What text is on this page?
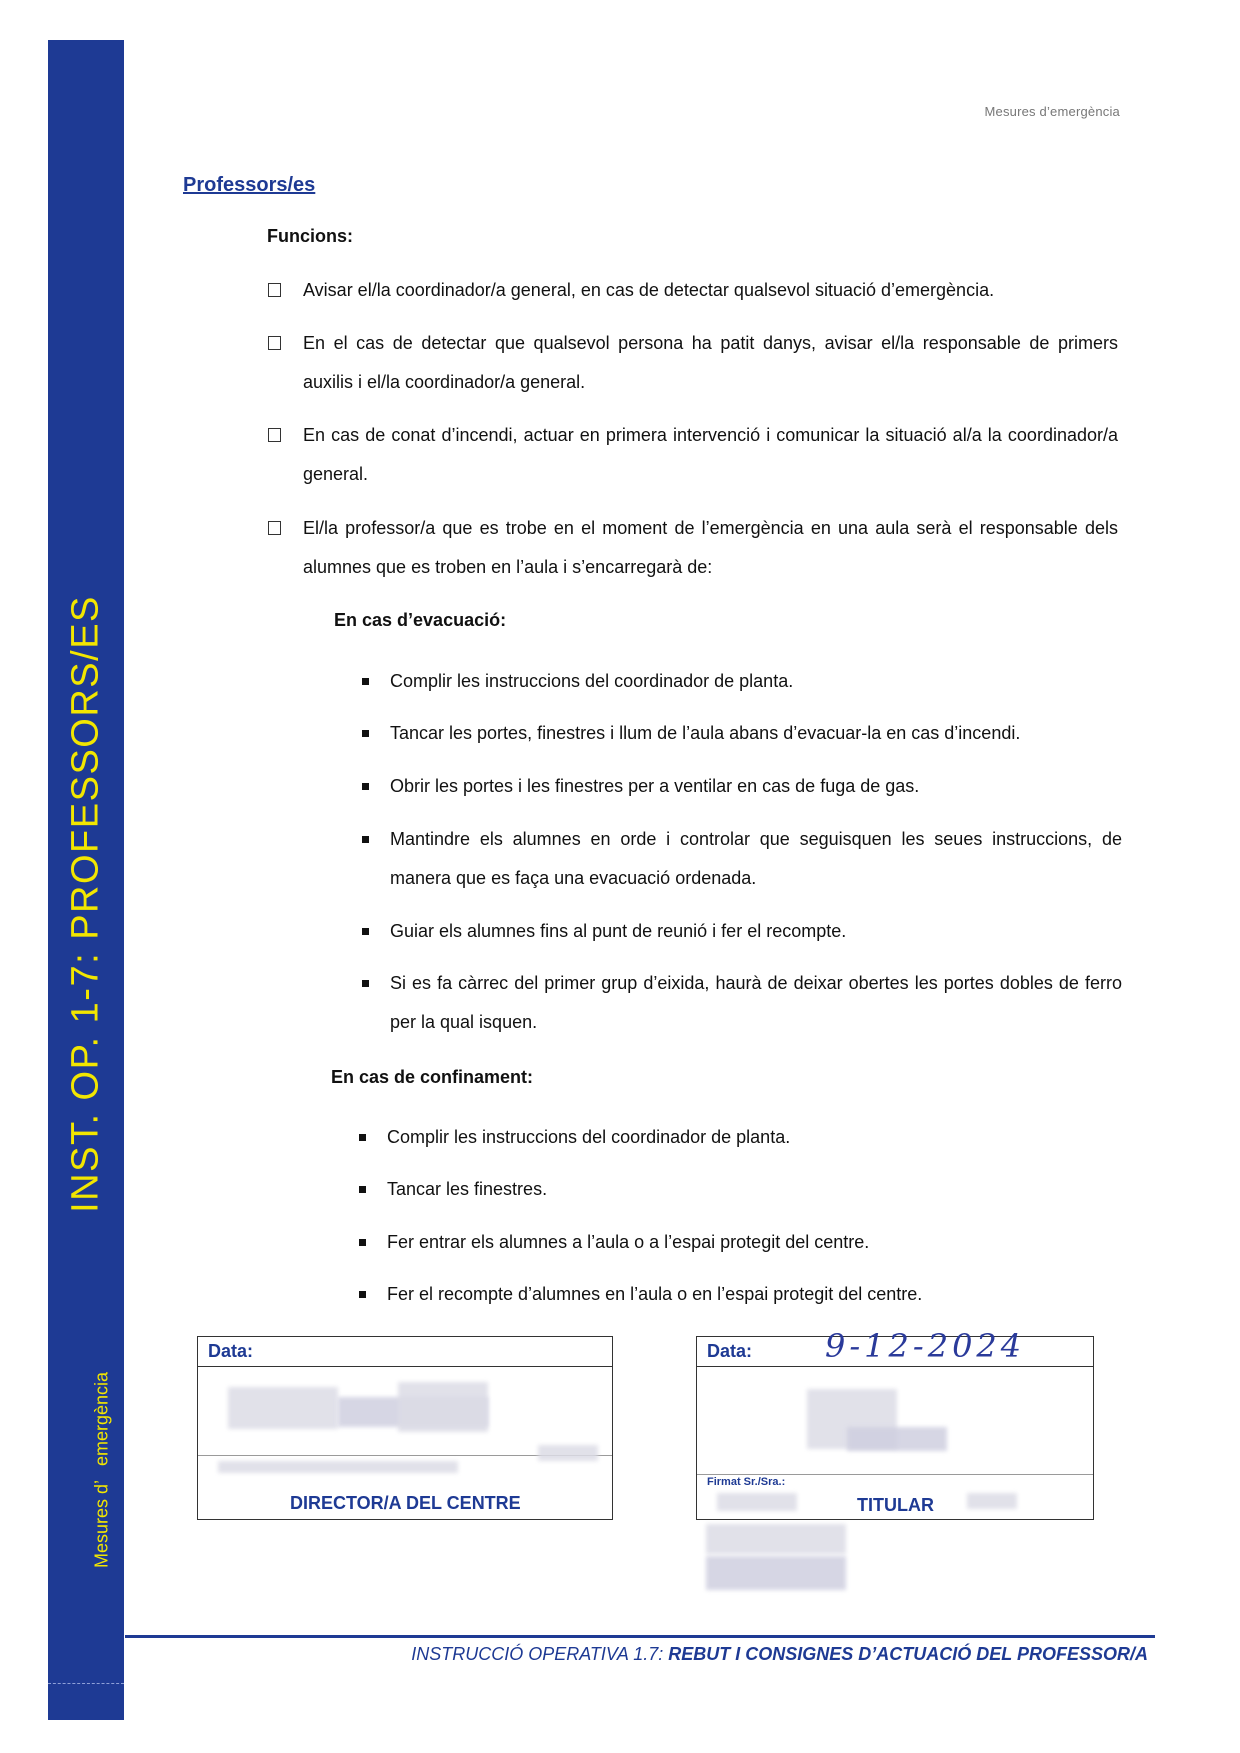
INST. OP. 1-7: PROFESSORS/ES
Mesures d’emergència
Mesures d’emergència
Professors/es
Funcions:
Avisar el/la coordinador/a general, en cas de detectar qualsevol situació d’emergència.
En el cas de detectar que qualsevol persona ha patit danys, avisar el/la responsable de primers auxilis i el/la coordinador/a general.
En cas de conat d’incendi, actuar en primera intervenció i comunicar la situació al/a la coordinador/a general.
El/la professor/a que es trobe en el moment de l’emergència en una aula serà el responsable dels alumnes que es troben en l’aula i s’encarregarà de:
En cas d’evacuació:
Complir les instruccions del coordinador de planta.
Tancar les portes, finestres i llum de l’aula abans d’evacuar-la en cas d’incendi.
Obrir les portes i les finestres per a ventilar en cas de fuga de gas.
Mantindre els alumnes en orde i controlar que seguisquen les seues instruccions, de manera que es faça una evacuació ordenada.
Guiar els alumnes fins al punt de reunió i fer el recompte.
Si es fa càrrec del primer grup d’eixida, haurà de deixar obertes les portes dobles de ferro per la qual isquen.
En cas de confinament:
Complir les instruccions del coordinador de planta.
Tancar les finestres.
Fer entrar els alumnes a l’aula o a l’espai protegit del centre.
Fer el recompte d’alumnes en l’aula o en l’espai protegit del centre.
Data:
DIRECTOR/A DEL CENTRE
Data:	9-12-2024
Firmat Sr./Sra.:
TITULAR
INSTRUCCIÓ OPERATIVA 1.7: REBUT I CONSIGNES D’ACTUACIÓ DEL PROFESSOR/A
